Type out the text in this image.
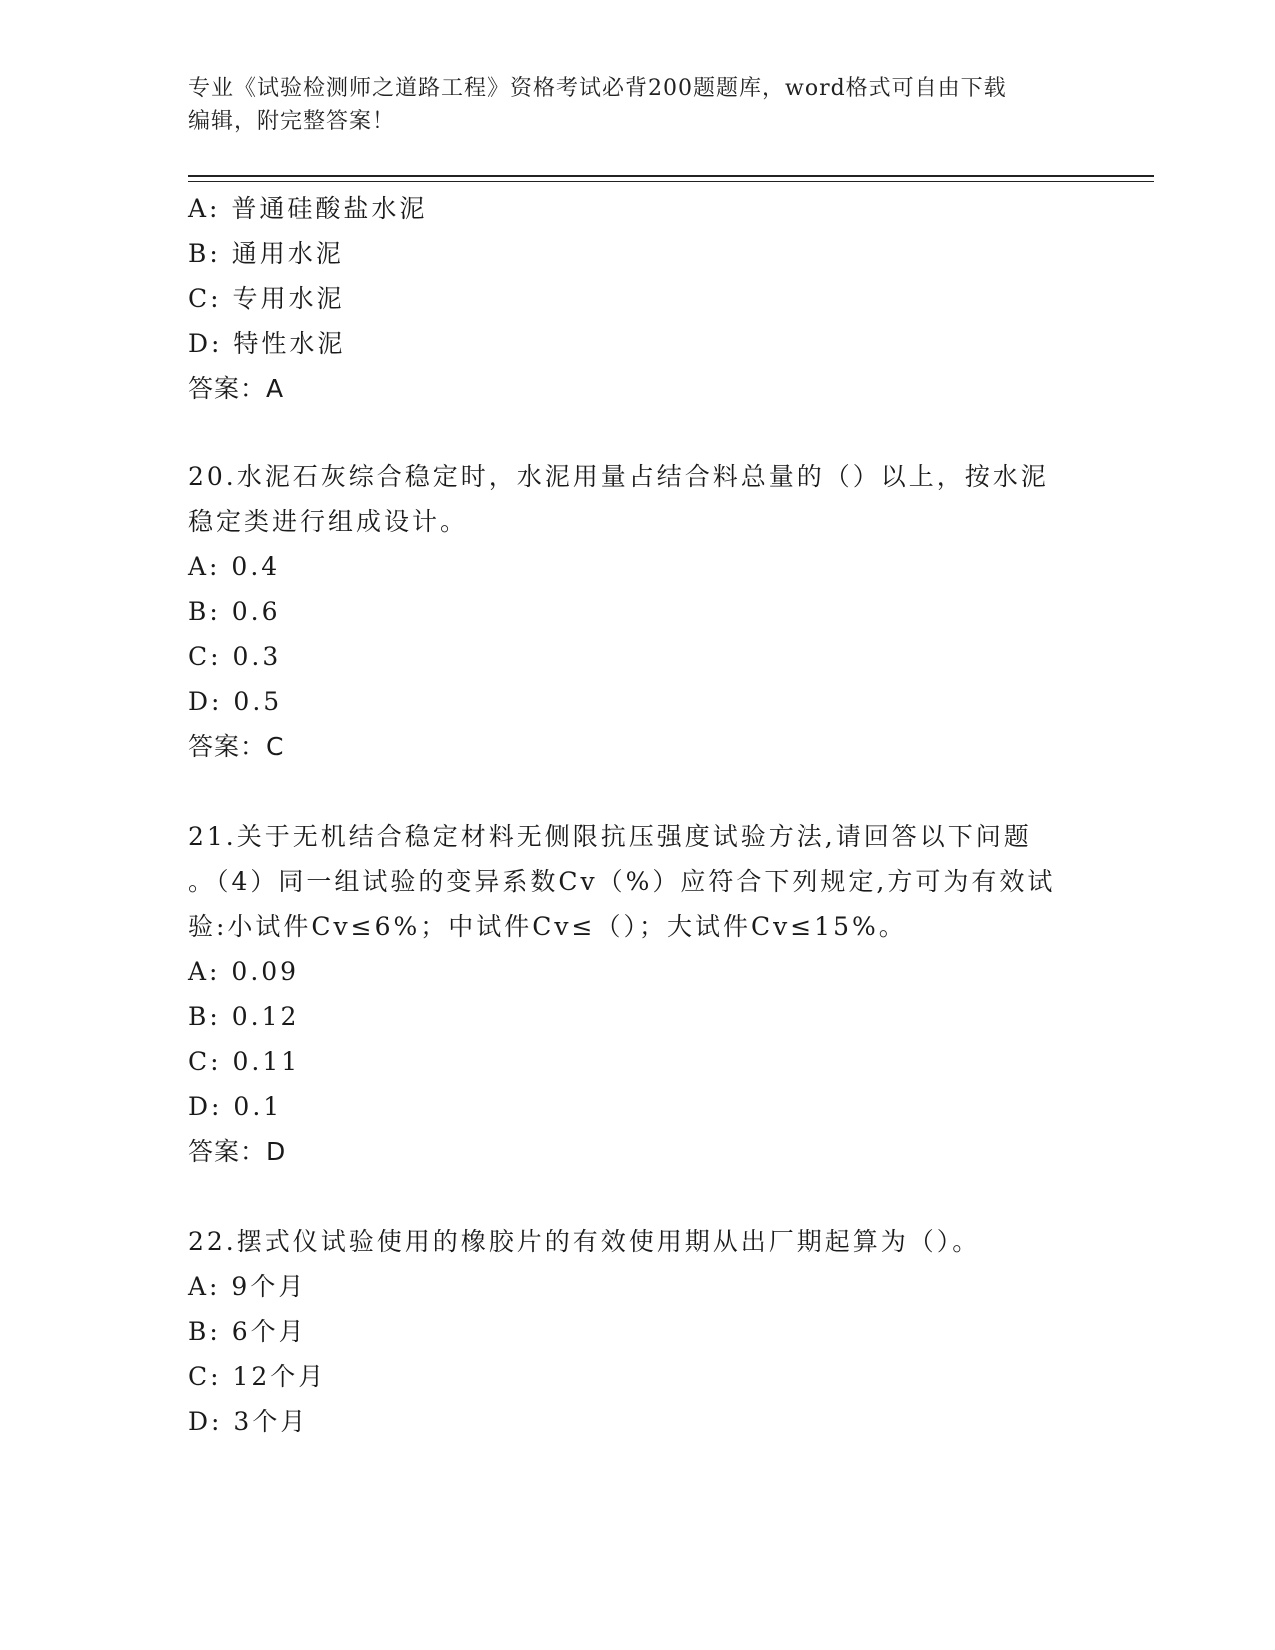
专业《试验检测师之道路工程》资格考试必背200题题库，word格式可自由下载
编辑，附完整答案！
A: 普通硅酸盐水泥
B: 通用水泥
C: 专用水泥
D: 特性水泥
答案：A
20.水泥石灰综合稳定时，水泥用量占结合料总量的（）以上，按水泥
稳定类进行组成设计。
A: 0.4
B: 0.6
C: 0.3
D: 0.5
答案：C
21.关于无机结合稳定材料无侧限抗压强度试验方法,请回答以下问题
。（4）同一组试验的变异系数Cv（%）应符合下列规定,方可为有效试
验:小试件Cv≤6%；中试件Cv≤（）；大试件Cv≤15%。
A: 0.09
B: 0.12
C: 0.11
D: 0.1
答案：D
22.摆式仪试验使用的橡胶片的有效使用期从出厂期起算为（）。
A: 9个月
B: 6个月
C: 12个月
D: 3个月
